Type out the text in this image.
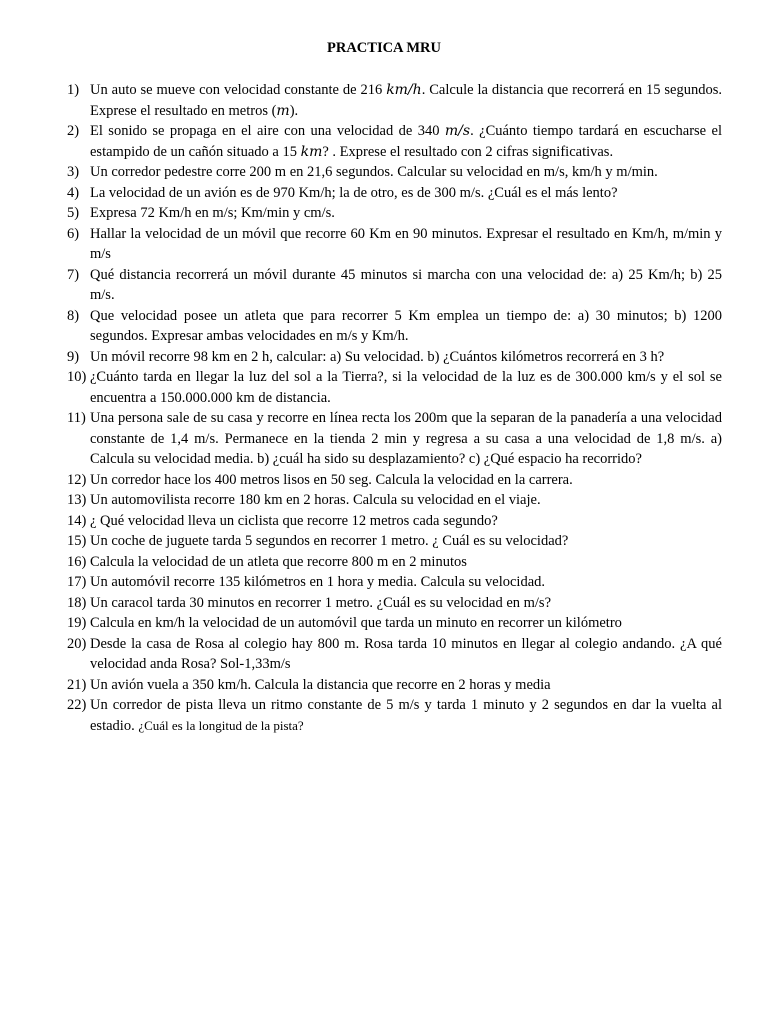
PRACTICA MRU
1) Un auto se mueve con velocidad constante de 216 km/h. Calcule la distancia que recorrerá en 15 segundos. Exprese el resultado en metros (m).
2) El sonido se propaga en el aire con una velocidad de 340 m/s. ¿Cuánto tiempo tardará en escucharse el estampido de un cañón situado a 15 km? . Exprese el resultado con 2 cifras significativas.
3) Un corredor pedestre corre 200 m en 21,6 segundos. Calcular su velocidad en m/s, km/h y m/min.
4) La velocidad de un avión es de 970 Km/h; la de otro, es de 300 m/s. ¿Cuál es el más lento?
5) Expresa 72 Km/h en m/s; Km/min y cm/s.
6) Hallar la velocidad de un móvil que recorre 60 Km en 90 minutos. Expresar el resultado en Km/h, m/min y m/s
7) Qué distancia recorrerá un móvil durante 45 minutos si marcha con una velocidad de: a) 25 Km/h; b) 25 m/s.
8) Que velocidad posee un atleta que para recorrer 5 Km emplea un tiempo de: a) 30 minutos; b) 1200 segundos. Expresar ambas velocidades en m/s y Km/h.
9) Un móvil recorre 98 km en 2 h, calcular: a) Su velocidad. b) ¿Cuántos kilómetros recorrerá en 3 h?
10) ¿Cuánto tarda en llegar la luz del sol a la Tierra?, si la velocidad de la luz es de 300.000 km/s y el sol se encuentra a 150.000.000 km de distancia.
11) Una persona sale de su casa y recorre en línea recta los 200m que la separan de la panadería a una velocidad constante de 1,4 m/s. Permanece en la tienda 2 min y regresa a su casa a una velocidad de 1,8 m/s. a) Calcula su velocidad media. b) ¿cuál ha sido su desplazamiento? c) ¿Qué espacio ha recorrido?
12) Un corredor hace los 400 metros lisos en 50 seg. Calcula la velocidad en la carrera.
13) Un automovilista recorre 180 km en 2 horas. Calcula su velocidad en el viaje.
14) ¿ Qué velocidad lleva un ciclista que recorre 12 metros cada segundo?
15) Un coche de juguete tarda 5 segundos en recorrer 1 metro. ¿ Cuál es su velocidad?
16) Calcula la velocidad de un atleta que recorre 800 m en 2 minutos
17) Un automóvil recorre 135 kilómetros en 1 hora y media. Calcula su velocidad.
18) Un caracol tarda 30 minutos en recorrer 1 metro. ¿Cuál es su velocidad en m/s?
19) Calcula en km/h la velocidad de un automóvil que tarda un minuto en recorrer un kilómetro
20) Desde la casa de Rosa al colegio hay 800 m. Rosa tarda 10 minutos en llegar al colegio andando. ¿A qué velocidad anda Rosa? Sol-1,33m/s
21) Un avión vuela a 350 km/h. Calcula la distancia que recorre en 2 horas y media
22) Un corredor de pista lleva un ritmo constante de 5 m/s y tarda 1 minuto y 2 segundos en dar la vuelta al estadio. ¿Cuál es la longitud de la pista?
